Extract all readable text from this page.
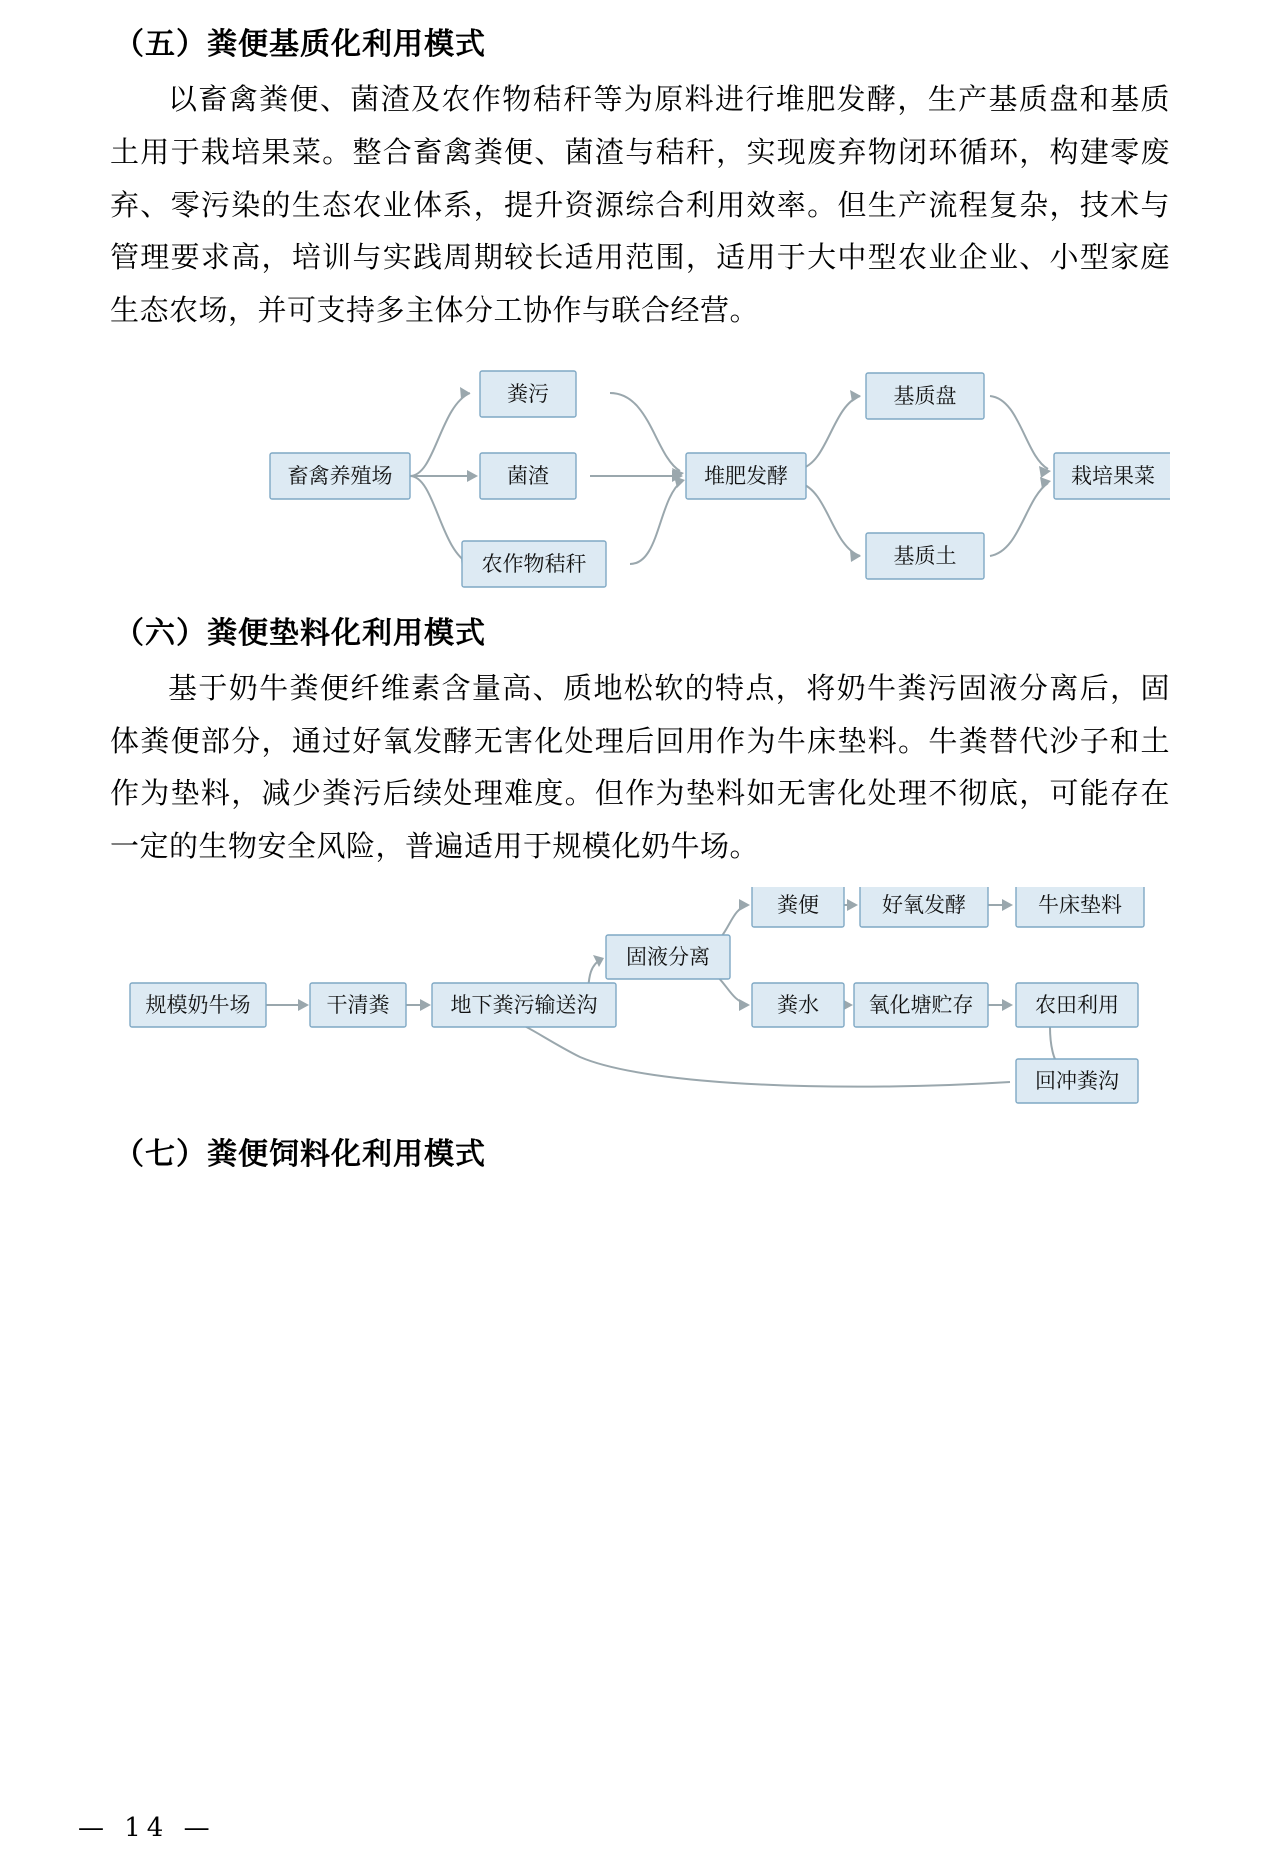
（五）粪便基质化利用模式
以畜禽粪便、菌渣及农作物秸秆等为原料进行堆肥发酵，生产基质盘和基质土用于栽培果菜。整合畜禽粪便、菌渣与秸秆，实现废弃物闭环循环，构建零废弃、零污染的生态农业体系，提升资源综合利用效率。但生产流程复杂，技术与管理要求高，培训与实践周期较长适用范围，适用于大中型农业企业、小型家庭生态农场，并可支持多主体分工协作与联合经营。
畜禽养殖场
粪污
菌渣
农作物秸秆
堆肥发酵
基质盘
基质土
栽培果菜
（六）粪便垫料化利用模式
基于奶牛粪便纤维素含量高、质地松软的特点，将奶牛粪污固液分离后，固体粪便部分，通过好氧发酵无害化处理后回用作为牛床垫料。牛粪替代沙子和土作为垫料，减少粪污后续处理难度。但作为垫料如无害化处理不彻底，可能存在一定的生物安全风险，普遍适用于规模化奶牛场。
规模奶牛场	干清粪	地下粪污输送沟
固液分离
粪便	好氧发酵	牛床垫料
粪水 氧化塘贮存	农田利用
回冲粪沟
（七）粪便饲料化利用模式
— 14 —
